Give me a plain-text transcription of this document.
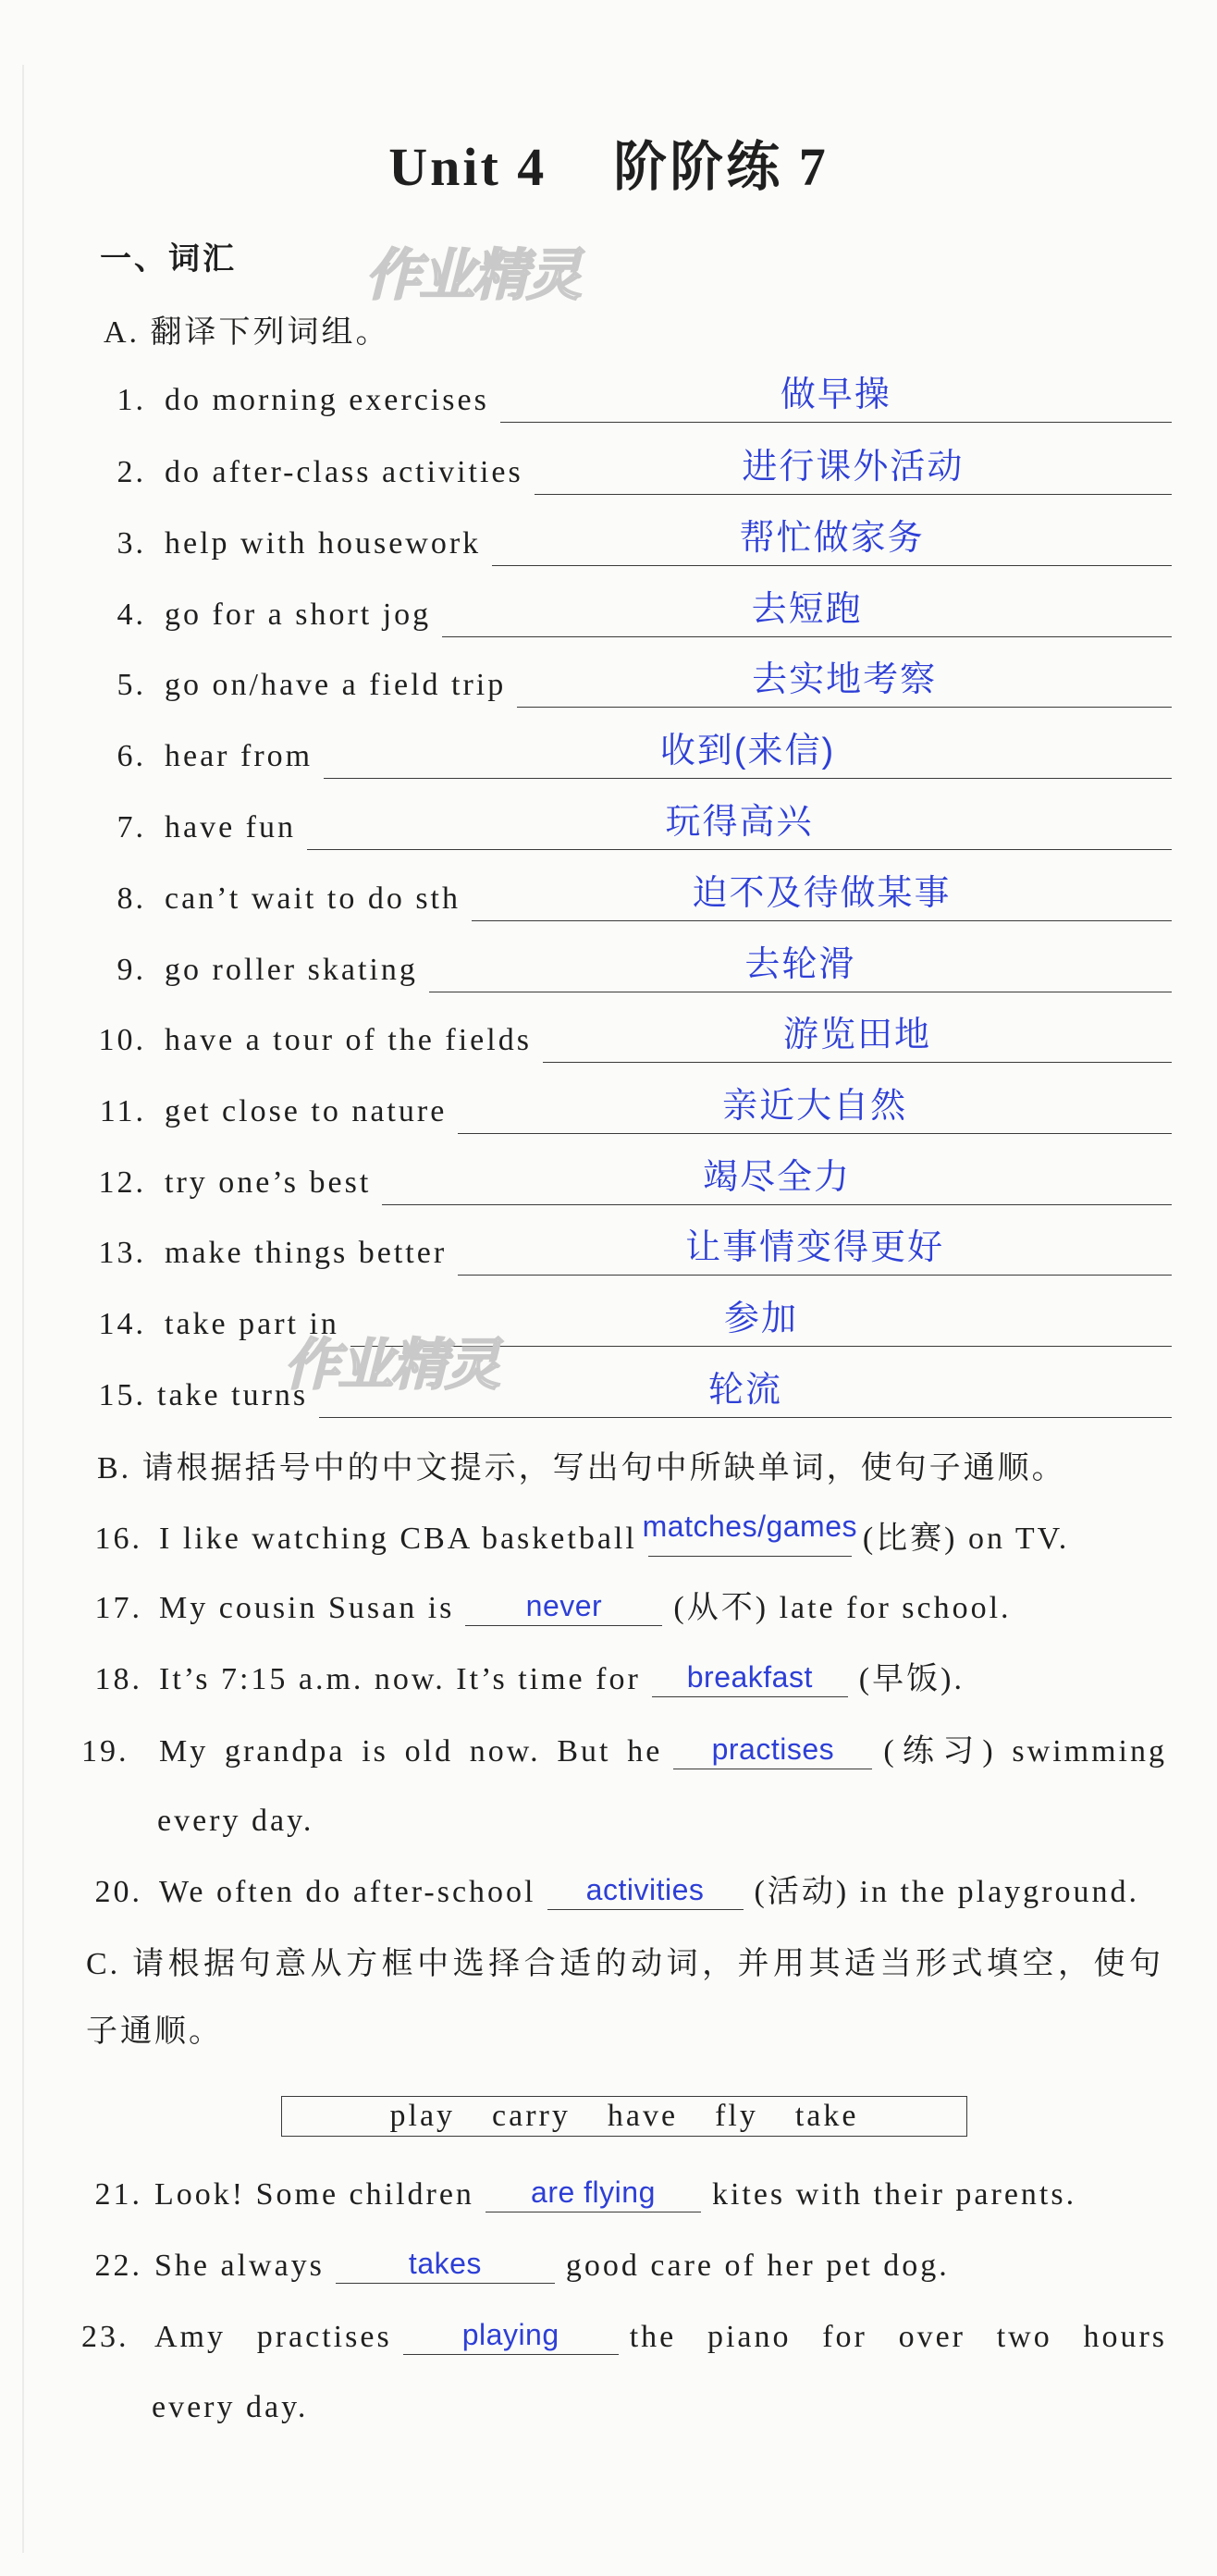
作业精灵
作业精灵
Unit 4 阶阶练 7
一、词汇
A. 翻译下列词组。
1. do morning exercises	做早操
2. do after-class activities	进行课外活动
3. help with housework	帮忙做家务
4. go for a short jog	去短跑
5. go on/have a field trip	去实地考察
6. hear from	收到(来信)
7. have fun	玩得高兴
8. can’t wait to do sth	迫不及待做某事
9. go roller skating	去轮滑
10. have a tour of the fields	游览田地
11. get close to nature	亲近大自然
12. try one’s best	竭尽全力
13. make things better	让事情变得更好
14. take part in	参加
15. take turns	轮流
B. 请根据括号中的中文提示，写出句中所缺单词，使句子通顺。
16. I like watching CBA basketball matches/games (比赛) on TV.
17. My cousin Susan is never (从不) late for school.
18. It’s 7:15 a.m. now. It’s time for breakfast (早饭).
19. My grandpa is old now. But he practises (练习) swimming
every day.
20. We often do after-school activities (活动) in the playground.
C. 请根据句意从方框中选择合适的动词，并用其适当形式填空，使句
子通顺。
play carry have fly take
21. Look! Some children are flying kites with their parents.
22. She always	takes	good care of her pet dog.
23. Amy practises playing the piano for over two hours
every day.
